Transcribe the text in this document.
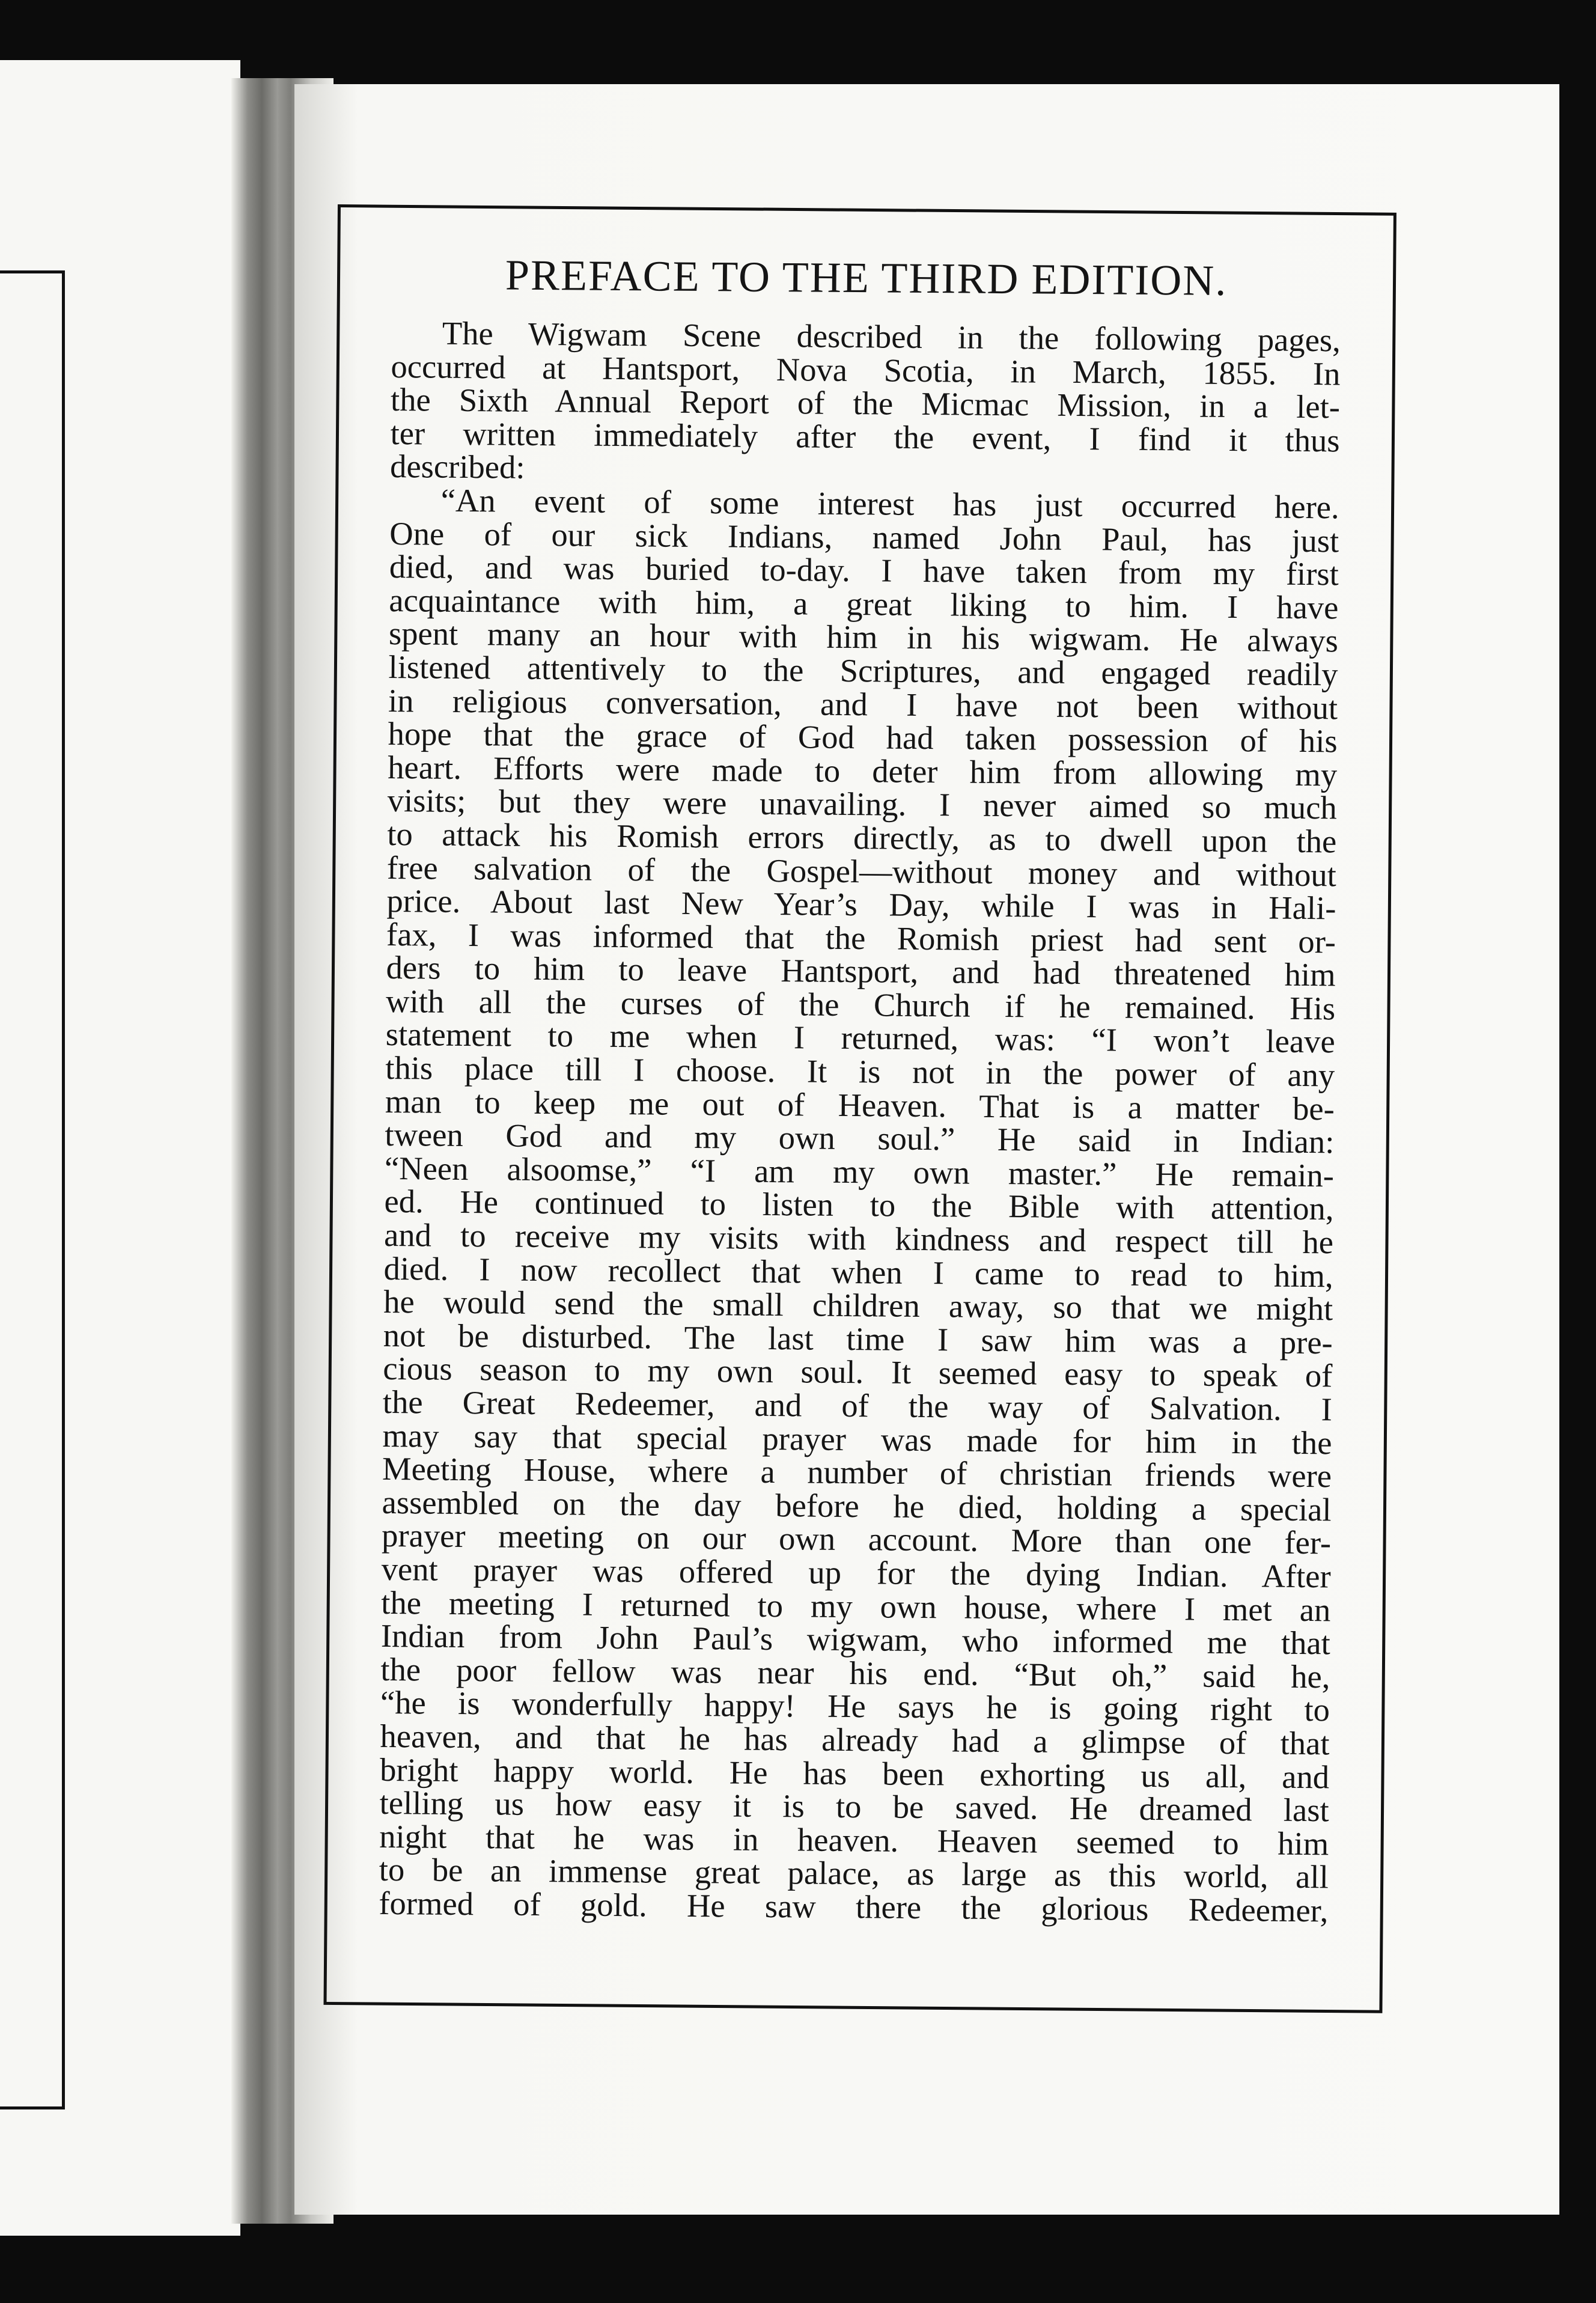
PREFACE TO THE THIRD EDITION.
The Wigwam Scene described in the following pages,
occurred at Hantsport, Nova Scotia, in March, 1855. In
the Sixth Annual Report of the Micmac Mission, in a let-
ter written immediately after the event, I find it thus
described:
“An event of some interest has just occurred here.
One of our sick Indians, named John Paul, has just
died, and was buried to-day. I have taken from my first
acquaintance with him, a great liking to him. I have
spent many an hour with him in his wigwam. He always
listened attentively to the Scriptures, and engaged readily
in religious conversation, and I have not been without
hope that the grace of God had taken possession of his
heart. Efforts were made to deter him from allowing my
visits; but they were unavailing. I never aimed so much
to attack his Romish errors directly, as to dwell upon the
free salvation of the Gospel—without money and without
price. About last New Year’s Day, while I was in Hali-
fax, I was informed that the Romish priest had sent or-
ders to him to leave Hantsport, and had threatened him
with all the curses of the Church if he remained. His
statement to me when I returned, was: “I won’t leave
this place till I choose. It is not in the power of any
man to keep me out of Heaven. That is a matter be-
tween God and my own soul.” He said in Indian:
“Neen alsoomse,” “I am my own master.” He remain-
ed. He continued to listen to the Bible with attention,
and to receive my visits with kindness and respect till he
died. I now recollect that when I came to read to him,
he would send the small children away, so that we might
not be disturbed. The last time I saw him was a pre-
cious season to my own soul. It seemed easy to speak of
the Great Redeemer, and of the way of Salvation. I
may say that special prayer was made for him in the
Meeting House, where a number of christian friends were
assembled on the day before he died, holding a special
prayer meeting on our own account. More than one fer-
vent prayer was offered up for the dying Indian. After
the meeting I returned to my own house, where I met an
Indian from John Paul’s wigwam, who informed me that
the poor fellow was near his end. “But oh,” said he,
“he is wonderfully happy! He says he is going right to
heaven, and that he has already had a glimpse of that
bright happy world. He has been exhorting us all, and
telling us how easy it is to be saved. He dreamed last
night that he was in heaven. Heaven seemed to him
to be an immense great palace, as large as this world, all
formed of gold. He saw there the glorious Redeemer,
